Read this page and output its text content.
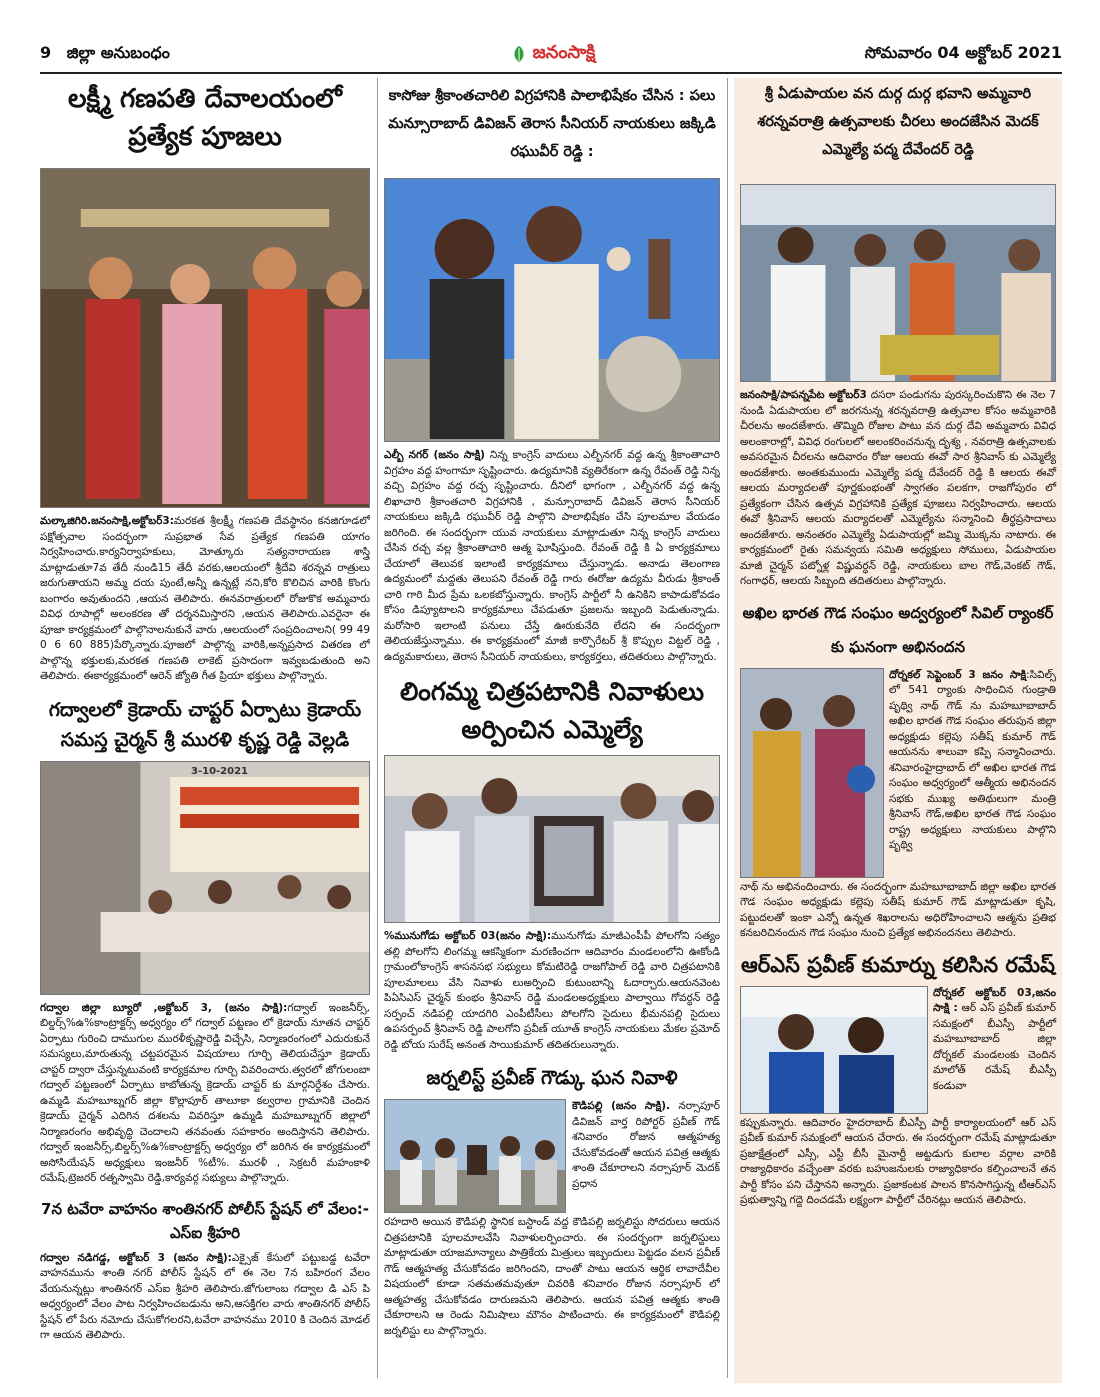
9 జిల్లా అనుబంధం	జనంసాక్షి	సోమవారం 04 అక్టోబర్ 2021
లక్ష్మీ గణపతి దేవాలయంలో ప్రత్యేక పూజలు

మల్కాజిగిరి.జనంసాక్షి,అక్టోబర్3:మరకత శ్రీలక్ష్మీ గణపతి దేవస్థానం కనజిగూడలో పక్షోత్సవాల సందర్భంగా సుప్రభాత సేవ ప్రత్యేక గణపతి యాగం నిర్వహించారు.కార్యనిర్వాహకులు, మోత్కూరు సత్యనారాయణ శాస్త్రి మాట్లాడుతూ7వ తేదీ నుండి15 తేదీ వరకు,ఆలయంలో శ్రీదేవి శరన్నవ రాత్రులు జరుగుతాయని అమ్మ దయ పుంటే,అన్నీ ఉన్నట్లే నని,కోరి కొలిచిన వారికి కొంగు బంగారం అవుతుందని ,ఆయన తెలిపారు. ఈనవరాత్రులలో రోజుకొక అమ్మవారు వివిధ రూపాల్లో అలంకరణ తో దర్శనమిస్తారని ,ఆయన తెలిపారు.ఎవరైనా ఈ పూజా కార్యక్రమంలో పాల్గొనాలనుకునే వారు ,ఆలయంలో సంప్రదించాలని( 99 49 0 6 60 885)పేర్కొన్నారు.పూజలో పాల్గొన్న వారికి,అన్నప్రసాద వితరణ లో పాల్గొన్న భక్తులకు,మరకత గణపతి లాకెట్ ప్రసాదంగా ఇవ్వబడుతుంది అని తెలిపారు. ఈకార్యక్రమంలో ఆరెన్ జ్యోతి గీత ప్రియా భక్తులు పాల్గొన్నారు.

గద్వాలలో క్రెడాయ్ చాప్టర్ ఏర్పాటు క్రెడాయ్ సమస్త చైర్మన్ శ్రీ మురళి కృష్ణ రెడ్డి వెల్లడి
3-10-2021

గద్వాల జిల్లా బ్యూరో ,అక్టోబర్ 3, (జనం సాక్షి):గద్వాల్ ఇంజనీర్స్, బిల్డర్స్%ఉ%కాంట్రాక్టర్స్ అధ్వర్యం లో గద్వాల్ పట్టణం లో క్రెడాయ్ నూతన చాప్టర్ ఏర్పాటు గురించి దాముగుల మురళీకృష్ణారెడ్డి విచ్చేసి, నిర్మాణరంగంలో ఎదురుకునే సమస్యలు,మారుతున్న చట్టపరమైన విషయాలు గూర్చి తెలియచేస్తూ క్రెడాయ్ చాప్టర్ ద్వారా చేస్తున్నటువంటి కార్యక్రమాల గూర్చి వివరించారు.త్వరలో జోగులంబా గద్వాల్ పట్టణంలో ఏర్పాటు కాబోతున్న క్రెడాయ్ చాప్టర్ కు మార్గనిర్దేశం చేసారు. ఉమ్మడి మహబూబ్నగర్ జిల్లా కొల్లాపూర్ తాలూకా కల్వరాల గ్రామానికి చెందిన క్రెడాయ్ చైర్మన్ ఎదిగిన దశలను వివరిస్తూ ఉమ్మడి మహబూబ్నగర్ జిల్లాలో నిర్మాణరంగం అభివృద్ధి చెందాలని తనవంతు సహకారం అందిస్తానని తెలిపారు. గద్వాల్ ఇంజనీర్స్,బిల్డర్స్%ఉ%కాంట్రాక్టర్స్ అధ్వర్యం లో జరిగిన ఈ కార్యక్రమంలో అసోసియేషన్ అధ్యక్షులు ఇంజనీర్ %టీ%. మురళీ , సెక్రటరీ మహంకాళి రమేష్,ట్రెజరర్ రత్నస్వామి రెడ్డి,కార్యవర్గ సభ్యులు పాల్గొన్నారు.

7న టవేరా వాహనం శాంతినగర్ పోలీస్ స్టేషన్ లో వేలం:-ఎస్ఐ శ్రీహరి

గద్వాల నడిగడ్డ, అక్టోబర్ 3 (జనం సాక్షి):ఎక్సైజ్ కేసులో పట్టుబడ్డ టవేరా వాహనమును శాంతి నగర్ పోలీస్ స్టేషన్ లో ఈ నెల 7న బహిరంగ వేలం వేయనున్నట్లు శాంతినగర్ ఎస్ఐ శ్రీహరి తెలిపారు.జోగులాంబ గద్వాల డి ఎస్ పి అధ్వర్యంలో వేలం పాట నిర్వహించబడును అని,ఆసక్తిగల వారు శాంతినగర్ పోలీస్ స్టేషన్ లో పేరు నమోదు చేసుకోగలరని,టవేరా వాహనము 2010 కి చెందిన మోడల్ గా ఆయన తెలిపారు.

కాసోజు శ్రీకాంతచారిలి విగ్రహానికి పాలాభిషేకం చేసిన : పలు మన్సూరాబాద్ డివిజన్ తెరాస సీనియర్ నాయకులు జక్కిడి రఘువీర్ రెడ్డి :

ఎల్బీ నగర్ (జనం సాక్షి) నిన్న కాంగ్రెస్ వాదులు ఎల్బీనగర్ వద్ద ఉన్న శ్రీకాంతాచారి విగ్రహం వద్ద హంగామా సృష్టించారు. ఉద్యమానికి వ్యతిరేకంగా ఉన్న రేవంత్ రెడ్డి నిన్న వచ్చి విగ్రహం వద్ద రచ్చ సృష్టించారు. దీనిలో భాగంగా , ఎల్బీనగర్ వద్ద ఉన్న లిఖాచారి శ్రీకాంతచారి విగ్రహానికి , మన్సూరాబాద్ డివిజన్ తెరాస సీనియర్ నాయకులు జక్కిడి రఘువీర్ రెడ్డి పాల్గొని పాలాభిషేకం చేసి పూలమాల వేయడం జరిగింది. ఈ సందర్భంగా యువ నాయకులు మాట్లాడుతూ నిన్న కాంగ్రెస్ వాదులు చేసిన రచ్చ వల్ల శ్రీకాంతాచారి ఆత్మ ఘోషిస్తుంది. రేవంత్ రెడ్డి కి ఏ కార్యక్రమాలు చేయాలో తెలువక ఇలాంటి కార్యక్రమాలు చేస్తున్నాడు. అనాడు తెలంగాణ ఉద్యమంలో మద్దతు తెలుపని రేవంత్ రెడ్డి గారు ఈరోజు ఉద్యమ వీరుడు శ్రీకాంత్ చారి గారి మీద ప్రేమ ఒలకబోస్తున్నారు. కాంగ్రెస్ పార్టీలో నీ ఉనికిని కాపాడుకోవడం కోసం డిప్యూటాలని కార్యక్రమాలు చేపడుతూ ప్రజలను ఇబ్బంది పెడుతున్నాడు. మరోసారి ఇలాంటి పనులు చేస్తే ఊరుకునేది లేదని ఈ సందర్భంగా తెలియజేస్తున్నాము. ఈ కార్యక్రమంలో మాజీ కార్పొరేటర్ శ్రీ కొప్పుల విట్టల్ రెడ్డి , ఉద్యమకారులు, తెరాస సీనియర్ నాయకులు, కార్యకర్తలు, తదితరులు పాల్గొన్నారు.

లింగమ్మ చిత్రపటానికి నివాళులు అర్పించిన ఎమ్మెల్యే

%మునుగోడు అక్టోబర్ 03(జనం సాక్షి):మునుగోడు మాజీఎంపీపీ పోలగోని సత్యం తల్లి పోలగోని లింగమ్మ ఆకస్మికంగా మరణించగా ఆదివారం మండలంలోని ఊకోండి గ్రామంలోకాంగ్రెస్ శాసనసభ సభ్యులు కోమటిరెడ్డి రాజగోపాల్ రెడ్డి వారి చిత్రపటానికి పూలమాలలు వేసి నివాళు లుఅర్పించి కుటుంబాన్ని ఓదార్చారు.ఆయనవెంట పిఏసిఎస్ చైర్మన్ కుంభం శ్రీనివాస్ రెడ్డి మండలఅధ్యక్షులు పాల్వాయి గోవర్ధన్ రెడ్డి సర్పంచ్ నడిపల్లి యాదగిరి ఎంపీటీసీలు పోలగోని సైదులు భీమనపల్లి సైదులు ఉపసర్పంచ్ శ్రీనివాస్ రెడ్డి పాలగోని ప్రవీణ్ యూత్ కాంగ్రెస్ నాయకులు మేకల ప్రమోద్ రెడ్డి బోయ సురేష్ అనంత సాయికుమార్ తదితరులున్నారు.

జర్నలిస్ట్ ప్రవీణ్ గౌడ్కు ఘన నివాళి

కౌడిపల్లి (జనం సాక్షి). నర్సాపూర్ డివిజన్ వార్త రిపోర్టర్ ప్రవీణ్ గౌడ్ శనివారం రోజున ఆత్మహత్య చేసుకోవడంతో ఆయన పవిత్ర ఆత్మకు శాంతి చేకూరాలని నర్సాపూర్ మెదక్ ప్రధాన

రహదారి అయిన కౌడిపల్లి స్థానిక బస్టాండ్ వద్ద కౌడిపల్లి జర్నలిస్టు సోదరులు ఆయన చిత్రపటానికి పూలమాలవేసి నివాళులర్పించారు. ఈ సందర్భంగా జర్నలిస్టులు మాట్లాడుతూ యాజమాన్యాలు పాత్రికేయ మిత్రులు ఇబ్బందులు పెట్టడం వలన ప్రవీణ్ గౌడ్ ఆత్మహత్య చేసుకోవడం జరిగిందని, దాంతో పాటు ఆయన ఆర్థిక లావాదేవీల విషయంలో కూడా సతమతమవుతూ చివరికి శనివారం రోజున నర్సాపూర్ లో ఆత్మహత్య చేసుకోవడం దారుణమని తెలిపారు. ఆయన పవిత్ర ఆత్మకు శాంతి చేకూరాలని ఆ రెండు నిమిషాలు మౌనం పాటించారు. ఈ కార్యక్రమంలో కౌడిపల్లి జర్నలిస్టు లు పాల్గొన్నారు.

శ్రీ ఏడుపాయల వన దుర్గ దుర్గ భవాని అమ్మవారి శరన్నవరాత్రి ఉత్సవాలకు చీరలు అందజేసిన మెదక్ ఎమ్మెల్యే పద్మ దేవేందర్ రెడ్డి

జనంసాక్షి/పాపన్నపేట అక్టోబర్3 దసరా పండుగను పురస్కరించుకొని ఈ నెల 7 నుండి ఏడుపాయల లో జరగనున్న శరన్నవరాత్రి ఉత్సవాల కోసం అమ్మవారికి చీరలను అందజేశారు. తొమ్మిది రోజుల పాటు వన దుర్గ దేవి అమ్మవారు వివిధ అలంకారాల్లో, వివిధ రంగులలో అలంకరించనున్న దృశ్య , నవరాత్రి ఉత్సవాలకు అవసరమైన చీరలను ఆదివారం రోజు ఆలయ ఈవో సార శ్రీనివాస్ కు ఎమ్మెల్యే అందజేశారు. అంతకుముందు ఎమ్మెల్యే పద్మ దేవేందర్ రెడ్డి కి ఆలయ ఈవో ఆలయ మర్యాదలతో పూర్ణకుంభంతో స్వాగతం పలకగా, రాజగోపురం లో ప్రత్యేకంగా చేసిన ఉత్సవ విగ్రహానికి ప్రత్యేక పూజలు నిర్వహించారు. ఆలయ ఈవో శ్రీనివాస్ ఆలయ మర్యాదలతో ఎమ్మెల్యేను సన్మానించి తీర్థప్రసాదాలు అందజేశారు. అనంతరం ఎమ్మెల్యే ఏడుపాయల్లో జమ్మి మొక్కను నాటారు. ఈ కార్యక్రమంలో రైతు సమన్వయ సమితి అధ్యక్షులు సోములు, ఏడుపాయల మాజీ చైర్మన్ పట్నోళ్ల విష్ణువర్ధన్ రెడ్డి, నాయకులు బాల గౌడ్,వెంకట్ గౌడ్, గంగాధర్, ఆలయ సిబ్బంది తదితరులు పాల్గొన్నారు.

అఖిల భారత గౌడ సంఘం అద్వర్యంలో సివిల్ ర్యాంకర్ కు ఘనంగా అభినందన

దోర్నకల్ సెప్టెంబర్ 3 జనం సాక్షి:సివిల్స్ లో 541 ర్యాంకు సాధించిన గుండ్రాతి పృథ్వి నాథ్ గౌడ్ ను మహబూబాబాద్ అఖిల భారత గౌడ సంఘం తరుపున జిల్లా అధ్యక్షుడు కల్లెపు సతీష్ కుమార్ గౌడ్ ఆయనను శాలువా కప్పి సన్మానించారు. శనివారంహైద్రాబాద్ లో అఖిల భారత గౌడ సంఘం అధ్వర్యంలో ఆత్మీయ అభినందన సభకు ముఖ్య అతిథులుగా మంత్రి శ్రీనివాస్ గౌడ్,అఖిల భారత గౌడ సంఘం రాష్ట్ర అధ్యక్షులు నాయకులు పాల్గొని పృథ్వి

నాథ్ ను అభినందించారు. ఈ సందర్భంగా మహబూబాబాద్ జిల్లా అఖిల భారత గౌడ సంఘం అధ్యక్షుడు కల్లెపు సతీష్ కుమార్ గౌడ్ మాట్లాడుతూ కృషి, పట్టుదలతో ఇంకా ఎన్నో ఉన్నత శిఖరాలను అధిరోహించాలని ఆత్మను ప్రతిభ కనబరిచినందున గౌడ సంఘం నుంచి ప్రత్యేక అభినందనలు తెలిపారు.

ఆర్ఎస్ ప్రవీణ్ కుమార్ను కలిసిన రమేష్

దోర్నకల్ అక్టోబర్ 03,జనం సాక్షి : ఆర్ ఎస్ ప్రవీణ్ కుమార్ సమక్షంలో బీఎస్పీ పార్టీలో మహబూబాబాద్ జిల్లా దోర్నకల్ మండలంకు చెందిన మాలోత్ రమేష్ బీఎస్పీ కండువా

కప్పుకున్నారు. ఆదివారం హైదరాబాద్ బీఎస్పీ పార్టీ కార్యాలయంలో ఆర్ ఎస్ ప్రవీణ్ కుమార్ సమక్షంలో ఆయన చేరారు. ఈ సందర్భంగా రమేష్ మాట్లాడుతూ ప్రజాక్షేత్రంలో ఎస్సీ, ఎస్టీ బీసీ మైనార్టీ అట్టడుగు కులాల వర్గాల వారికి రాజ్యాధికారం వచ్చేంతా వరకు బహుజనులకు రాజ్యాధికారం కల్పించాలనే తన పార్టీ కోసం పని చేస్తానని అన్నారు. ప్రజాకంటక పాలన కొనసాగిస్తున్న టీఆర్ఎస్ ప్రభుత్వాన్ని గద్దె దించడమే లక్ష్యంగా పార్టీలో చేరినట్లు ఆయన తెలిపారు.
